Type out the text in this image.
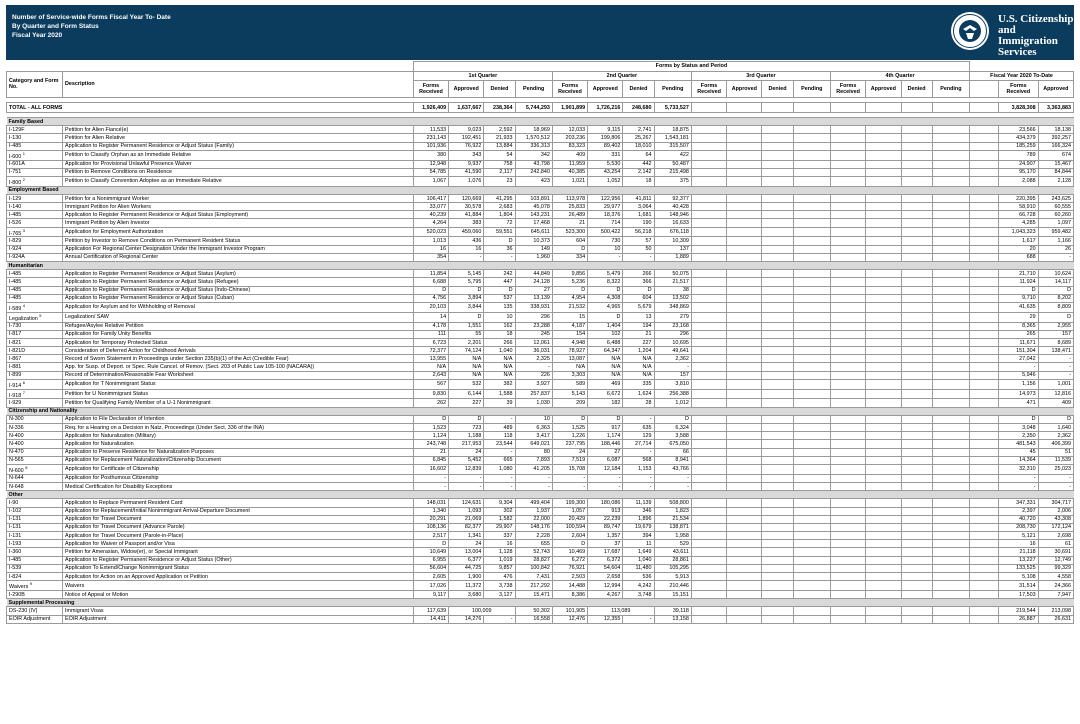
Number of Service-wide Forms Fiscal Year To- Date
By Quarter and Form Status
Fiscal Year 2020
U.S. Citizenship
and Immigration
Services
		Forms by Status and Period																		
Category and Form No.	Description	1st Quarter				2nd Quarter				3rd Quarter				4th Quarter				Fiscal Year 2020 To-Date		
		Forms Received	Approved	Denied	Pending	Forms Received	Approved	Denied	Pending	Forms Received	Approved	Denied	Pending	Forms Received	Approved	Denied	Pending		Forms Received	Approved

TOTAL - ALL FORMS		1,926,409	1,637,667	238,364	5,744,293	1,901,899	1,726,216	248,680	5,733,527										3,828,308	3,363,883

Family Based																				
I-129F	Petition for Alien Fiancé(e)	11,533	9,023	2,592	18,969	12,033	9,115	2,741	18,875										23,566	18,138
I-130	Petition for Alien Relative	231,143	192,451	21,933	1,570,512	203,236	199,806	25,267	1,543,181										434,379	392,257
I-485	Application to Register Permanent Residence or Adjust Status (Family)	101,936	76,922	13,884	336,313	83,323	89,402	18,010	315,507										185,259	166,324
I-600 $^1$	Petition to Classify Orphan as an Immediate Relative	380	343	54	342	409	331	64	422										789	674
I-601A	Application for Provisional Unlawful Presence Waiver	12,948	9,937	758	43,798	11,959	5,530	442	50,487										24,907	15,467
I-751	Petition to Remove Conditions on Residence	54,785	41,590	2,117	242,840	40,385	43,254	2,142	215,498										95,170	84,844
I-800 $^2$	Petition to Classify Convention Adoptee as an Immediate Relative	1,067	1,076	23	423	1,021	1,052	18	375										2,088	2,128
Employment Based																				
I-129	Petition for a Nonimmigrant Worker	106,417	120,669	41,295	103,891	113,978	122,956	41,811	92,377										220,395	243,625
I-140	Immigrant Petition for Alien Workers	33,077	30,578	2,683	45,078	25,833	29,977	3,064	40,428										58,910	60,555
I-485	Application to Register Permanent Residence or Adjust Status (Employment)	40,239	41,884	1,804	143,231	26,489	18,376	1,681	148,946										66,728	60,260
I-526	Immigrant Petition by Alien Investor	4,264	383	72	17,468	21	714	190	16,633										4,285	1,097
I-765 $^3$	Application for Employment Authorization	520,023	459,060	59,551	645,611	523,300	500,422	56,218	676,118										1,043,323	959,482
I-829	Petition by Investor to Remove Conditions on Permanent Resident Status	1,013	436	D	10,373	604	730	57	10,309										1,617	1,166
I-924	Application For Regional Center Designation Under the Immigrant Investor Program	16	16	36	149	D	10	50	137										20	26
I-924A	Annual Certification of Regional Center	354	-	-	1,960	334	-	-	1,889										688	-
Humanitarian																				
I-485	Application to Register Permanent Residence or Adjust Status (Asylum)	11,854	5,145	242	44,849	9,856	5,479	266	50,075										21,710	10,624
I-485	Application to Register Permanent Residence or Adjust Status (Refugee)	6,688	5,795	447	24,128	5,236	8,322	366	21,517										11,924	14,117
I-485	Application to Register Permanent Residence or Adjust Status (Indo-Chinese)	D	D	D	27	D	D	D	38										D	D
I-485	Application to Register Permanent Residence or Adjust Status (Cuban)	4,756	3,894	537	13,139	4,954	4,308	604	13,502										9,710	8,202
I-589 $^4$	Application for Asylum and for Withholding of Removal	20,103	3,844	135	338,931	21,532	4,965	5,679	348,869										41,635	8,809
Legalization $^5$	Legalization/ SAW	14	D	10	296	15	D	13	279										29	D
I-730	Refugee/Asylee Relative Petition	4,178	1,551	162	23,288	4,187	1,404	194	23,168										8,365	2,955
I-817	Application for Family Unity Benefits	111	55	18	245	154	102	21	296										265	157
I-821	Application for Temporary Protected Status	6,723	2,201	266	12,061	4,948	6,488	227	10,695										11,671	8,689
I-821D	Consideration of Deferred Action for Childhood Arrivals	72,377	74,124	1,040	36,031	78,927	64,347	1,204	49,641										151,304	138,471
I-867	Record of Sworn Statement in Proceedings under Section 235(b)(1) of the Act (Credible Fear)	13,955	N/A	N/A	2,325	13,087	N/A	N/A	2,362										27,042	-
I-881	App. for Susp. of Deport. or Spec. Rule Cancel. of Remov. (Sect. 203 of Public Law 105-100 (NACARA))	N/A	N/A	N/A	-	N/A	N/A	N/A	-										-	-
I-899	Record of Determination/Reasonable Fear Worksheet	2,643	N/A	N/A	226	3,303	N/A	N/A	157										5,946	-
I-914 $^6$	Application for T Nonimmigrant Status	567	532	382	3,927	589	469	335	3,810										1,156	1,001
I-918 $^7$	Petition for U Nonimmigrant Status	9,830	6,144	1,588	257,837	5,143	6,672	1,624	256,388										14,973	12,816
I-929	Petition for Qualifying Family Member of a U-1 Nonimmigrant	262	227	39	1,030	209	182	28	1,012										471	409
Citizenship and Nationality																				
N-300	Application to File Declaration of Intention	D	D	-	10	D	D	-	D										D	D
N-336	Req. for a Hearing on a Decision in Natz. Proceedings (Under Sect. 336 of the INA)	1,523	723	489	6,363	1,525	917	635	6,324										3,048	1,640
N-400	Application for Naturalization (Military)	1,124	1,188	118	3,417	1,226	1,174	129	3,588										2,350	2,362
N-400	Application for Naturalization	243,748	217,953	23,544	649,021	237,795	188,446	27,714	675,050										481,543	406,399
N-470	Application to Preserve Residence for Naturalization Purposes	21	24	-	80	24	27	-	66										45	51
N-565	Application for Replacement Naturalization/Citizenship Document	6,845	5,452	665	7,893	7,519	6,087	568	8,941										14,364	11,539
N-600 $^8$	Application for Certificate of Citizenship	16,602	12,839	1,080	41,205	15,708	12,184	1,153	43,766										32,310	25,023
N-644	Application for Posthumous Citizenship	-	-	-	-	-	-	-	-										-	-
N-648	Medical Certification for Disability Exceptions	-	-	-	-	-	-	-	-										-	-
Other																				
I-90	Application to Replace Permanent Resident Card	148,031	124,631	9,304	499,404	199,300	180,086	11,139	508,800										347,331	304,717
I-102	Application for Replacement/Initial Nonimmigrant Arrival-Departure Document	1,340	1,093	302	1,937	1,057	913	346	1,823										2,397	2,006
I-131	Application for Travel Document	20,291	21,069	1,582	22,000	20,429	22,239	1,896	21,534										40,720	43,308
I-131	Application for Travel Document (Advance Parole)	108,136	82,377	29,907	148,176	100,594	89,747	19,679	138,871										208,730	172,124
I-131	Application for Travel Document (Parole-in-Place)	2,517	1,341	337	2,228	2,604	1,357	394	1,958										5,121	2,698
I-193	Application for Waiver of Passport and/or Visa	D	24	16	655	D	37	11	529										16	61
I-360	Petition for Amerasian, Widow(er), or Special Immigrant	10,649	13,004	1,128	52,743	10,469	17,687	1,649	43,611										21,118	30,691
I-485	Application to Register Permanent Residence or Adjust Status (Other)	6,955	6,377	1,019	28,827	6,272	6,372	1,040	28,861										13,227	12,749
I-539	Application To Extend/Change Nonimmigrant Status	56,604	44,725	9,857	100,842	76,921	54,604	11,480	105,295										133,525	99,329
I-824	Application for Action on an Approved Application or Petition	2,605	1,900	476	7,431	2,503	2,658	536	5,913										5,108	4,558
Waivers $^9$	Waivers	17,026	11,372	3,738	217,292	14,488	12,994	4,242	210,446										31,514	24,366
I-290B	Notice of Appeal or Motion	9,117	3,680	3,127	15,471	8,386	4,267	3,748	15,151										17,503	7,947
Supplemental Processing																				
DS-230 (IV)	Immigrant Visas	117,639	100,009		50,302	101,905	113,089		39,118										219,544	213,098
EOIR Adjustment	EOIR Adjustment	14,411	14,276	-	16,558	12,476	12,355	-	13,158										26,887	26,631
